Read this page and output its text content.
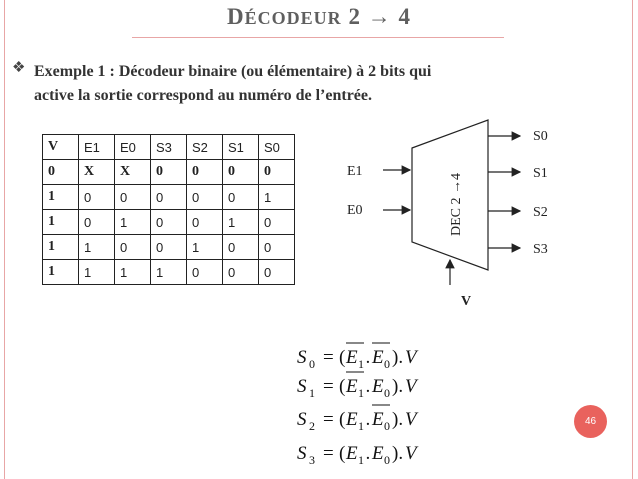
DÉCODEUR 2 → 4
❖ Exemple 1 : Décodeur binaire (ou élémentaire) à 2 bits qui
active la sortie correspond au numéro de l’entrée.
V	E1	E0	S3	S2	S1	S0
0	X	X	0	0	0	0
1	0	0	0	0	0	1
1	0	1	0	0	1	0
1	1	0	0	1	0	0
1	1	1	1	0	0	0
DEC 2 →4
E1
E0
S0
S1
S2
S3
V
S 0 = ( E 1 . E 0 ). V
S 1 = ( E 1 . E 0 ). V
S 2 = ( E 1 . E 0 ). V
S 3 = ( E 1 . E 0 ). V
46
